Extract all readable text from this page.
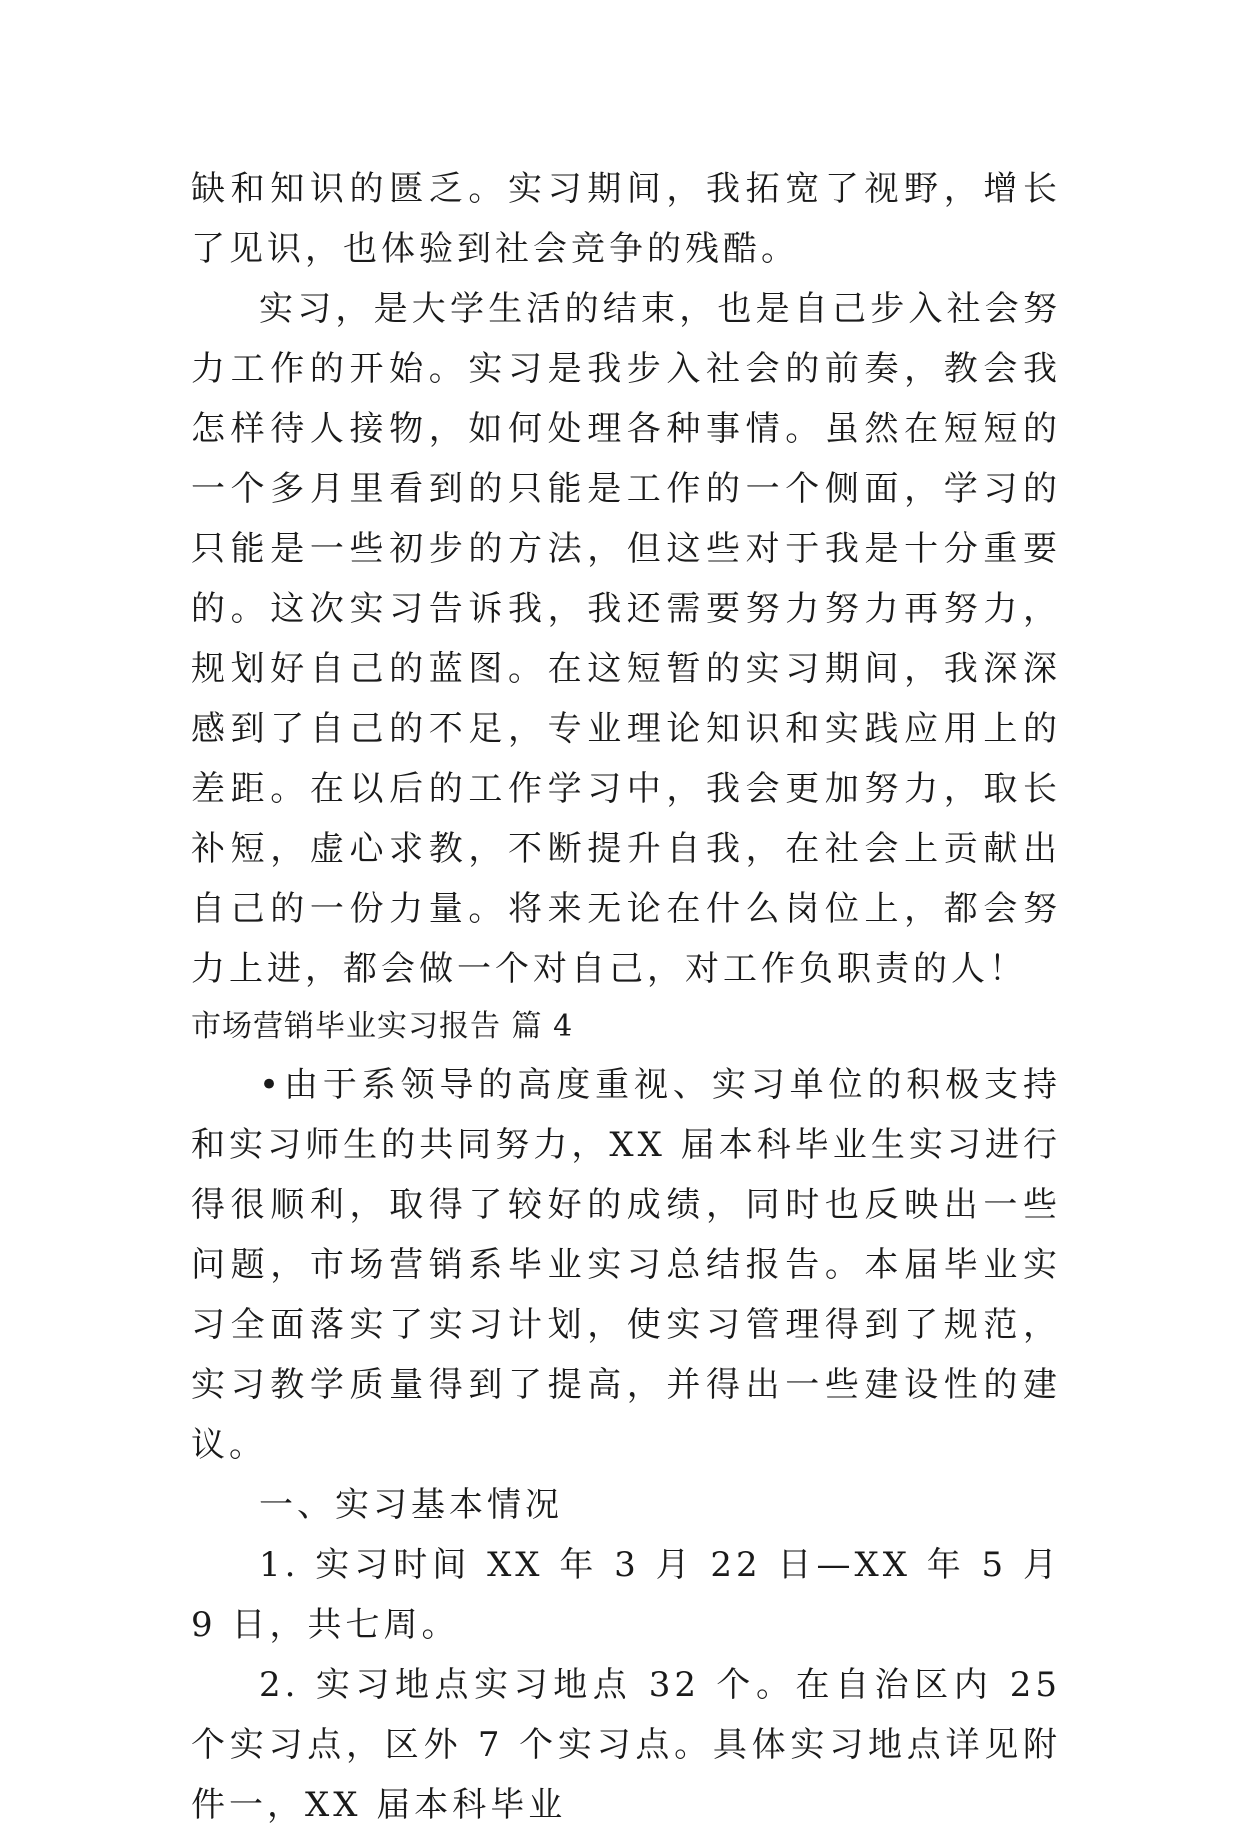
缺和知识的匮乏。实习期间，我拓宽了视野，增长了见识，也体验到社会竞争的残酷。

实习，是大学生活的结束，也是自己步入社会努力工作的开始。实习是我步入社会的前奏，教会我怎样待人接物，如何处理各种事情。虽然在短短的一个多月里看到的只能是工作的一个侧面，学习的只能是一些初步的方法，但这些对于我是十分重要的。这次实习告诉我，我还需要努力努力再努力，规划好自己的蓝图。在这短暂的实习期间，我深深感到了自己的不足，专业理论知识和实践应用上的差距。在以后的工作学习中，我会更加努力，取长补短，虚心求教，不断提升自我，在社会上贡献出自己的一份力量。将来无论在什么岗位上，都会努力上进，都会做一个对自己，对工作负职责的人！

市场营销毕业实习报告 篇 4

•由于系领导的高度重视、实习单位的积极支持和实习师生的共同努力，XX 届本科毕业生实习进行得很顺利，取得了较好的成绩，同时也反映出一些问题，市场营销系毕业实习总结报告。本届毕业实习全面落实了实习计划，使实习管理得到了规范，实习教学质量得到了提高，并得出一些建设性的建议。

一、实习基本情况

1. 实习时间 XX 年 3 月 22 日—XX 年 5 月 9 日，共七周。

2. 实习地点实习地点 32 个。在自治区内 25 个实习点，区外 7 个实习点。具体实习地点详见附件一，XX 届本科毕业
